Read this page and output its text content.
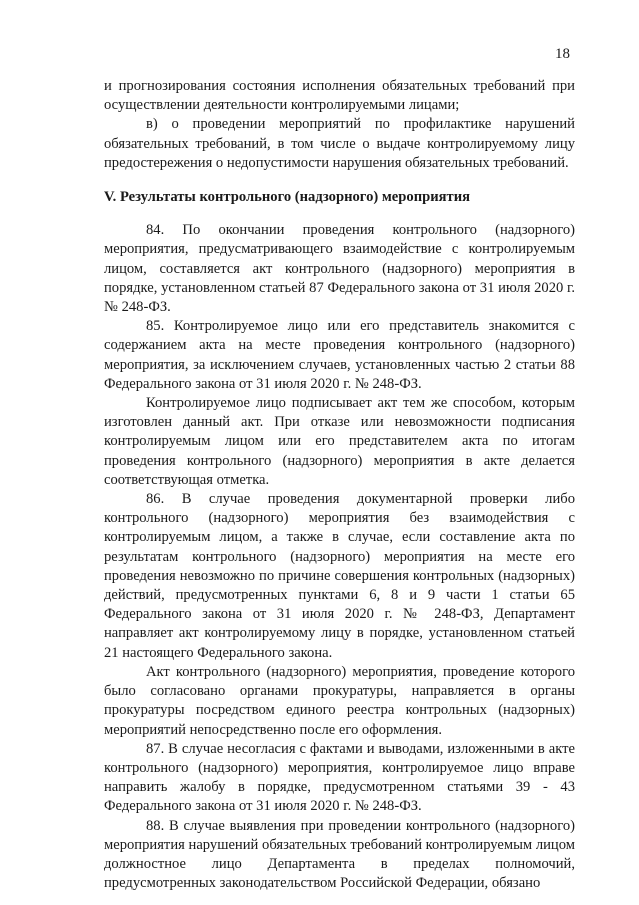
18

и прогнозирования состояния исполнения обязательных требований при осуществлении деятельности контролируемыми лицами;

в) о проведении мероприятий по профилактике нарушений обязательных требований, в том числе о выдаче контролируемому лицу предостережения о недопустимости нарушения обязательных требований.

V. Результаты контрольного (надзорного) мероприятия

84. По окончании проведения контрольного (надзорного) мероприятия, предусматривающего взаимодействие с контролируемым лицом, составляется акт контрольного (надзорного) мероприятия в порядке, установленном статьей 87 Федерального закона от 31 июля 2020 г. № 248-ФЗ.

85. Контролируемое лицо или его представитель знакомится с содержанием акта на месте проведения контрольного (надзорного) мероприятия, за исключением случаев, установленных частью 2 статьи 88 Федерального закона от 31 июля 2020 г. № 248-ФЗ.

Контролируемое лицо подписывает акт тем же способом, которым изготовлен данный акт. При отказе или невозможности подписания контролируемым лицом или его представителем акта по итогам проведения контрольного (надзорного) мероприятия в акте делается соответствующая отметка.

86. В случае проведения документарной проверки либо контрольного (надзорного) мероприятия без взаимодействия с контролируемым лицом, а также в случае, если составление акта по результатам контрольного (надзорного) мероприятия на месте его проведения невозможно по причине совершения контрольных (надзорных) действий, предусмотренных пунктами 6, 8 и 9 части 1 статьи 65 Федерального закона от 31 июля 2020 г. № 248-ФЗ, Департамент направляет акт контролируемому лицу в порядке, установленном статьей 21 настоящего Федерального закона.

Акт контрольного (надзорного) мероприятия, проведение которого было согласовано органами прокуратуры, направляется в органы прокуратуры посредством единого реестра контрольных (надзорных) мероприятий непосредственно после его оформления.

87. В случае несогласия с фактами и выводами, изложенными в акте контрольного (надзорного) мероприятия, контролируемое лицо вправе направить жалобу в порядке, предусмотренном статьями 39 - 43 Федерального закона от 31 июля 2020 г. № 248-ФЗ.

88. В случае выявления при проведении контрольного (надзорного) мероприятия нарушений обязательных требований контролируемым лицом должностное лицо Департамента в пределах полномочий, предусмотренных законодательством Российской Федерации, обязано
